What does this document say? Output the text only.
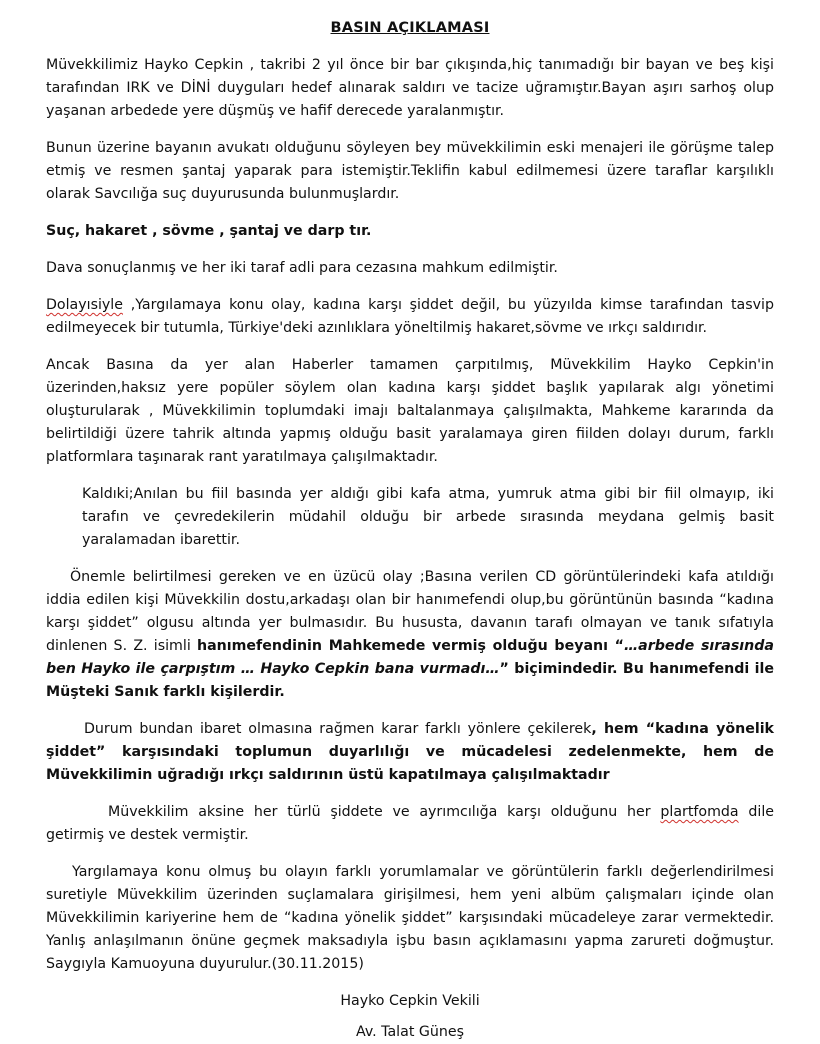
BASIN AÇIKLAMASI

Müvekkilimiz Hayko Cepkin , takribi 2 yıl önce bir bar çıkışında,hiç tanımadığı bir bayan ve beş kişi tarafından IRK ve DİNİ duyguları hedef alınarak saldırı ve tacize uğramıştır.Bayan aşırı sarhoş olup yaşanan arbedede yere düşmüş ve hafif derecede yaralanmıştır.

Bunun üzerine bayanın avukatı olduğunu söyleyen bey müvekkilimin eski menajeri ile görüşme talep etmiş ve resmen şantaj yaparak para istemiştir.Teklifin kabul edilmemesi üzere taraflar karşılıklı olarak Savcılığa suç duyurusunda bulunmuşlardır.

Suç, hakaret , sövme , şantaj ve darp tır.

Dava sonuçlanmış ve her iki taraf adli para cezasına mahkum edilmiştir.

Dolayısiyle ,Yargılamaya konu olay, kadına karşı şiddet değil, bu yüzyılda kimse tarafından tasvip edilmeyecek bir tutumla, Türkiye'deki azınlıklara yöneltilmiş hakaret,sövme ve ırkçı saldırıdır.

Ancak Basına da yer alan Haberler tamamen çarpıtılmış, Müvekkilim Hayko Cepkin'in üzerinden,haksız yere popüler söylem olan kadına karşı şiddet başlık yapılarak algı yönetimi oluşturularak , Müvekkilimin toplumdaki imajı baltalanmaya çalışılmakta, Mahkeme kararında da belirtildiği üzere tahrik altında yapmış olduğu basit yaralamaya giren fiilden dolayı durum, farklı platformlara taşınarak rant yaratılmaya çalışılmaktadır.

Kaldıki;Anılan bu fiil basında yer aldığı gibi kafa atma, yumruk atma gibi bir fiil olmayıp, iki tarafın ve çevredekilerin müdahil olduğu bir arbede sırasında meydana gelmiş basit yaralamadan ibarettir.

Önemle belirtilmesi gereken ve en üzücü olay ;Basına verilen CD görüntülerindeki kafa atıldığı iddia edilen kişi Müvekkilin dostu,arkadaşı olan bir hanımefendi olup,bu görüntünün basında “kadına karşı şiddet” olgusu altında yer bulmasıdır. Bu hususta, davanın tarafı olmayan ve tanık sıfatıyla dinlenen S. Z. isimli hanımefendinin Mahkemede vermiş olduğu beyanı “…arbede sırasında ben Hayko ile çarpıştım … Hayko Cepkin bana vurmadı…” biçimindedir. Bu hanımefendi ile Müşteki Sanık farklı kişilerdir.

Durum bundan ibaret olmasına rağmen karar farklı yönlere çekilerek, hem “kadına yönelik şiddet” karşısındaki toplumun duyarlılığı ve mücadelesi zedelenmekte, hem de Müvekkilimin uğradığı ırkçı saldırının üstü kapatılmaya çalışılmaktadır

Müvekkilim aksine her türlü şiddete ve ayrımcılığa karşı olduğunu her plartfomda dile getirmiş ve destek vermiştir.

Yargılamaya konu olmuş bu olayın farklı yorumlamalar ve görüntülerin farklı değerlendirilmesi suretiyle Müvekkilim üzerinden suçlamalara girişilmesi, hem yeni albüm çalışmaları içinde olan Müvekkilimin kariyerine hem de “kadına yönelik şiddet” karşısındaki mücadeleye zarar vermektedir. Yanlış anlaşılmanın önüne geçmek maksadıyla işbu basın açıklamasını yapma zarureti doğmuştur. Saygıyla Kamuoyuna duyurulur.(30.11.2015)

Hayko Cepkin Vekili
Av. Talat Güneş
